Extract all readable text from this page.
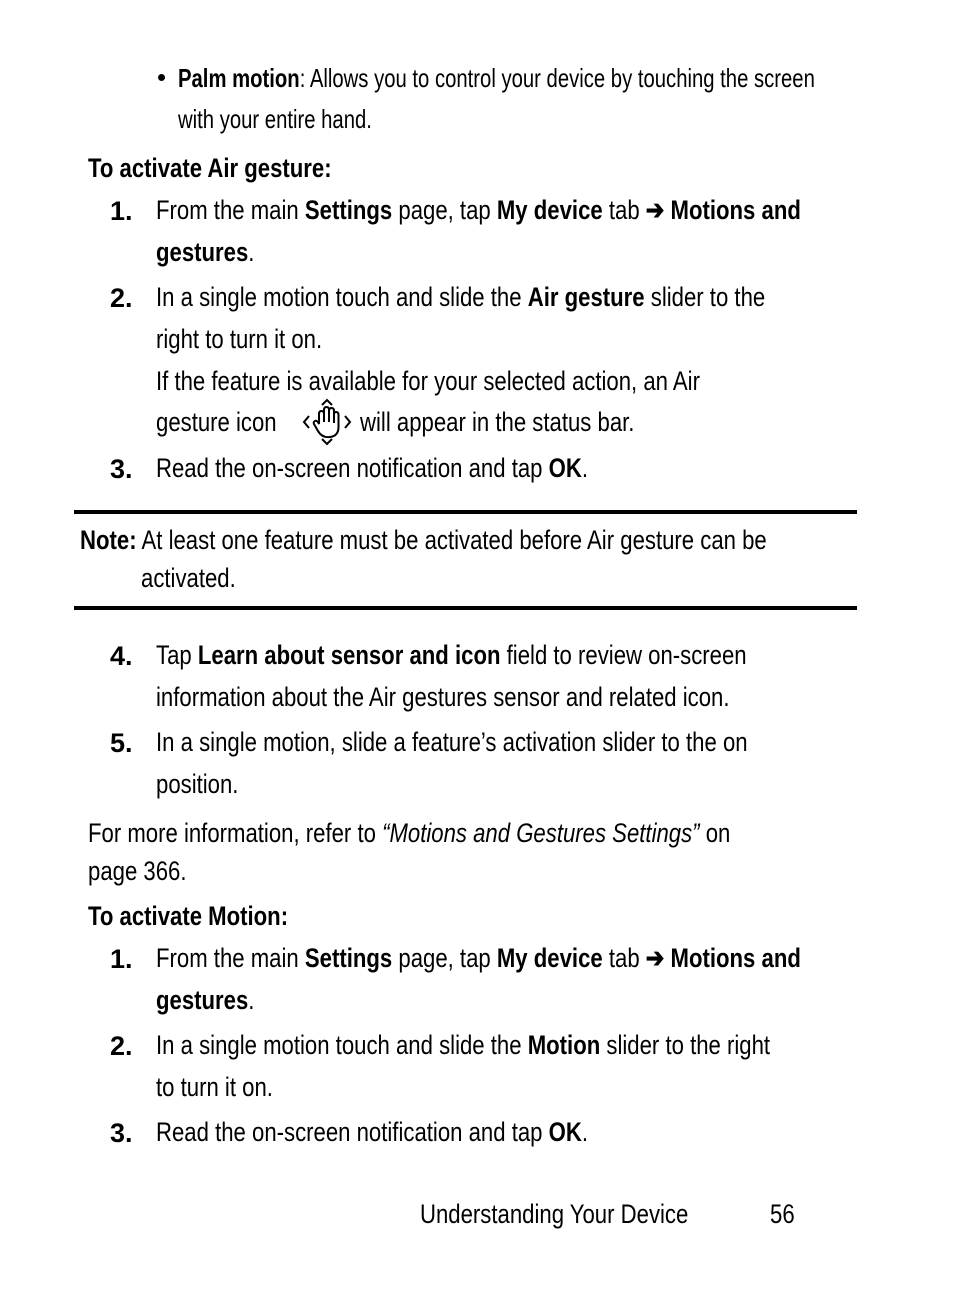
• Palm motion: Allows you to control your device by touching the screen
with your entire hand.
To activate Air gesture:
1. From the main Settings page, tap My device tab ➔ Motions and
gestures.
2. In a single motion touch and slide the Air gesture slider to the
right to turn it on.
If the feature is available for your selected action, an Air
gesture icon	will appear in the status bar.
3. Read the on-screen notification and tap OK.
Note: At least one feature must be activated before Air gesture can be
activated.
4. Tap Learn about sensor and icon field to review on-screen
information about the Air gestures sensor and related icon.
5. In a single motion, slide a feature’s activation slider to the on
position.
For more information, refer to “Motions and Gestures Settings” on
page 366.
To activate Motion:
1. From the main Settings page, tap My device tab ➔ Motions and
gestures.
2. In a single motion touch and slide the Motion slider to the right
to turn it on.
3. Read the on-screen notification and tap OK.
Understanding Your Device	56
